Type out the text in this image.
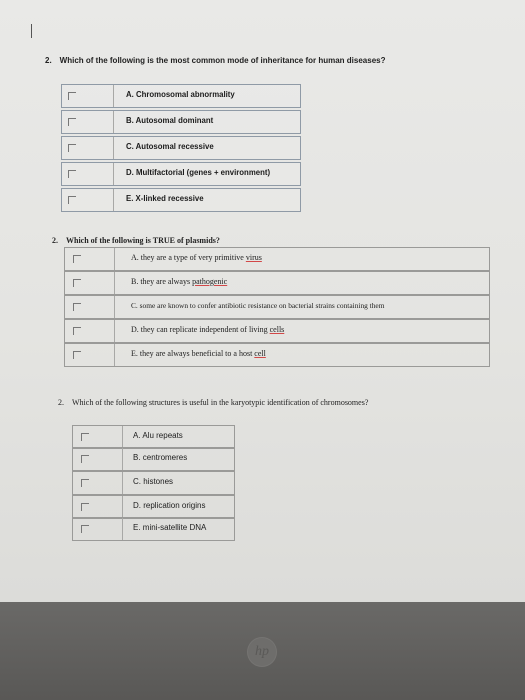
2. Which of the following is the most common mode of inheritance for human diseases?
A. Chromosomal abnormality
B. Autosomal dominant
C. Autosomal recessive
D. Multifactorial (genes + environment)
E. X-linked recessive
2. Which of the following is TRUE of plasmids?
A. they are a type of very primitive virus
B. they are always pathogenic
C. some are known to confer antibiotic resistance on bacterial strains containing them
D. they can replicate independent of living cells
E. they are always beneficial to a host cell
2. Which of the following structures is useful in the karyotypic identification of chromosomes?
A. Alu repeats
B. centromeres
C. histones
D. replication origins
E. mini-satellite DNA
hp
